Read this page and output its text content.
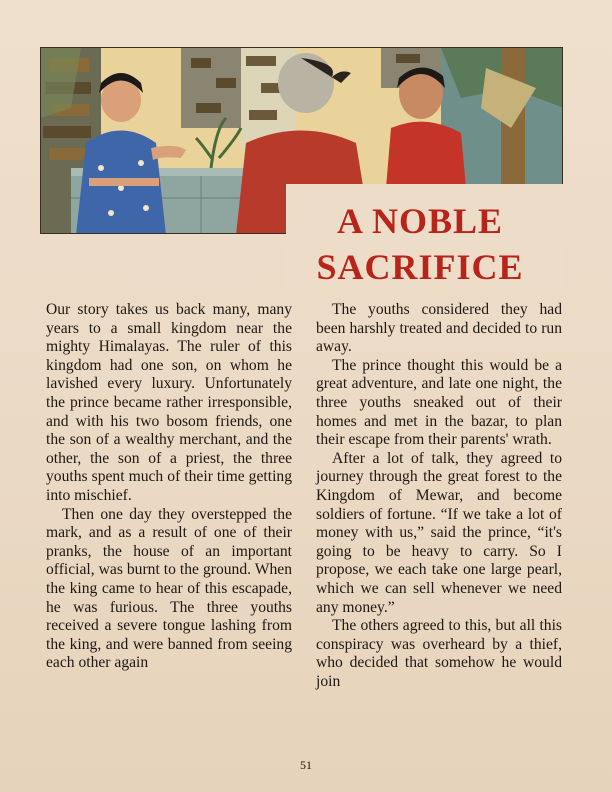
A NOBLE
SACRIFICE

Our story takes us back many, many years to a small kingdom near the mighty Himalayas. The ruler of this kingdom had one son, on whom he lavished every luxury. Unfortunately the prince became rather irresponsible, and with his two bosom friends, one the son of a wealthy merchant, and the other, the son of a priest, the three youths spent much of their time getting into mischief.

Then one day they overstepped the mark, and as a result of one of their pranks, the house of an important official, was burnt to the ground. When the king came to hear of this escapade, he was furious. The three youths received a severe tongue lashing from the king, and were banned from seeing each other again

The youths considered they had been harshly treated and decided to run away.

The prince thought this would be a great adventure, and late one night, the three youths sneaked out of their homes and met in the bazar, to plan their escape from their parents' wrath.

After a lot of talk, they agreed to journey through the great forest to the Kingdom of Mewar, and become soldiers of fortune. “If we take a lot of money with us,” said the prince, “it's going to be heavy to carry. So I propose, we each take one large pearl, which we can sell whenever we need any money.”

The others agreed to this, but all this conspiracy was overheard by a thief, who decided that somehow he would join

51
